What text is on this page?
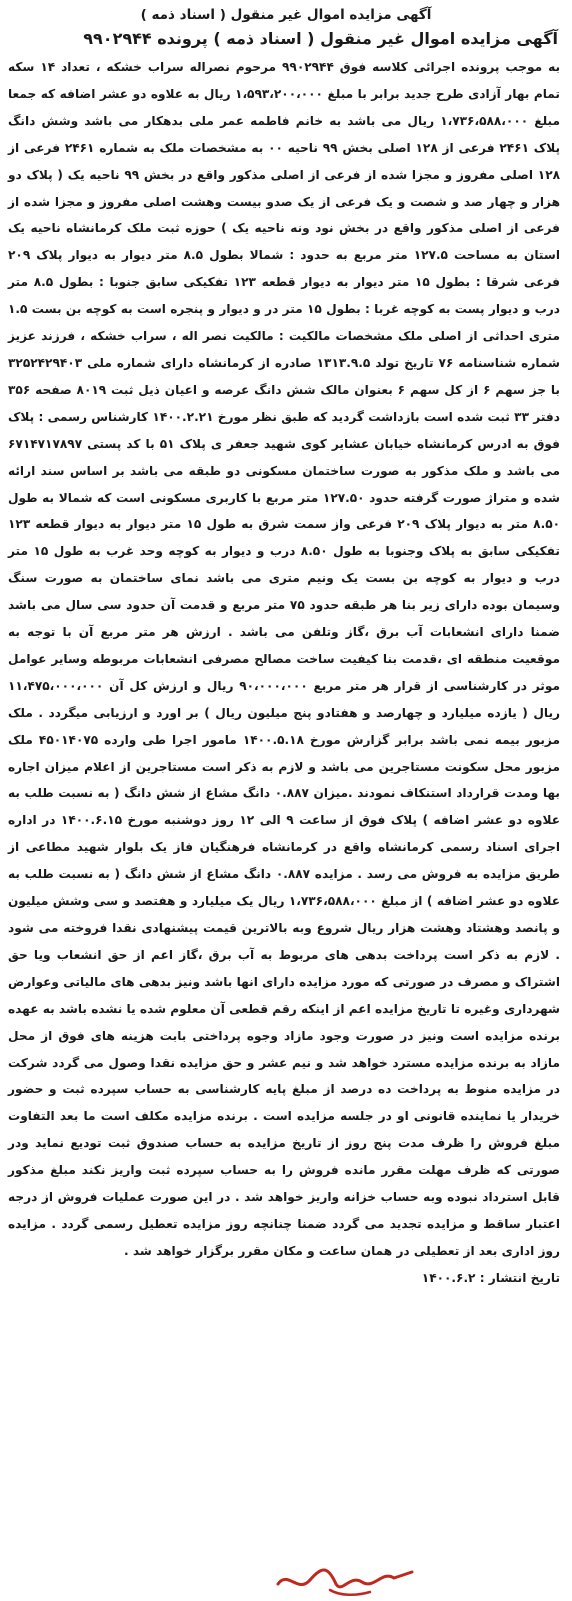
آگهی مزایده اموال غیر منقول ( اسناد ذمه )
آگهی مزایده اموال غیر منقول ( اسناد ذمه ) پرونده ۹۹۰۲۹۴۴
به موجب پرونده اجرائی کلاسه فوق ۹۹۰۲۹۴۴ مرحوم نصراله سراب خشکه ، تعداد ۱۴ سکه تمام بهار آزادی طرح جدید برابر با مبلغ ۱،۵۹۳،۲۰۰،۰۰۰ ریال به علاوه دو عشر اضافه که جمعا مبلغ ۱،۷۳۶،۵۸۸،۰۰۰ ریال می باشد به خانم فاطمه عمر ملی بدهکار می باشد وشش دانگ پلاک ۲۴۶۱ فرعی از ۱۲۸ اصلی بخش ۹۹ ناحیه ۰۰ به مشخصات ملک به شماره ۲۴۶۱ فرعی از ۱۲۸ اصلی مفروز و مجزا شده از فرعی از اصلی مذکور واقع در بخش ۹۹ ناحیه یک ( پلاک دو هزار و چهار صد و شصت و یک فرعی از یک صدو بیست وهشت اصلی مفروز و مجزا شده از فرعی از اصلی مذکور واقع در بخش نود ونه ناحیه یک ) حوزه ثبت ملک کرمانشاه ناحیه یک استان به مساحت ۱۲۷.۵ متر مربع به حدود : شمالا بطول ۸.۵ متر دیوار به دیوار پلاک ۲۰۹ فرعی شرقا : بطول ۱۵ متر دیوار به دیوار قطعه ۱۲۳ تفکیکی سابق جنوبا : بطول ۸.۵ متر درب و دیوار پست به کوچه غربا : بطول ۱۵ متر در و دیوار و پنجره است به کوچه بن بست ۱.۵ متری احداثی از اصلی ملک مشخصات مالکیت : مالکیت نصر اله ، سراب خشکه ، فرزند عزیز شماره شناسنامه ۷۶ تاریخ تولد ۱۳۱۳.۹.۵ صادره از کرمانشاه دارای شماره ملی ۳۲۵۲۴۲۹۴۰۳ با جز سهم ۶ از کل سهم ۶ بعنوان مالک شش دانگ عرصه و اعیان ذیل ثبت ۸۰۱۹ صفحه ۳۵۶ دفتر ۳۳ ثبت شده است بازداشت گردید که طبق نظر مورخ ۱۴۰۰.۲.۲۱ کارشناس رسمی : پلاک فوق به ادرس کرمانشاه خیابان عشایر کوی شهید جعفر ی پلاک ۵۱ با کد پستی ۶۷۱۴۷۱۷۸۹۷ می باشد و ملک مذکور به صورت ساختمان مسکونی دو طبقه می باشد بر اساس سند ارائه شده و متراژ صورت گرفته حدود ۱۲۷.۵۰ متر مربع با کاربری مسکونی است که شمالا به طول ۸.۵۰ متر به دیوار پلاک ۲۰۹ فرعی واز سمت شرق به طول ۱۵ متر دیوار به دیوار قطعه ۱۲۳ تفکیکی سابق به پلاک وجنوبا به طول ۸.۵۰ درب و دیوار به کوچه وحد غرب به طول ۱۵ متر درب و دیوار به کوچه بن بست یک ونیم متری می باشد نمای ساختمان به صورت سنگ وسیمان بوده دارای زیر بنا هر طبقه حدود ۷۵ متر مربع و قدمت آن حدود سی سال می باشد ضمنا دارای انشعابات آب برق ،گاز وتلفن می باشد . ارزش هر متر مربع آن با توجه به موقعیت منطقه ای ،قدمت بنا کیفیت ساخت مصالح مصرفی انشعابات مربوطه وسایر عوامل موثر در کارشناسی از قرار هر متر مربع ۹۰،۰۰۰،۰۰۰ ریال و ارزش کل آن ۱۱،۴۷۵،۰۰۰،۰۰۰ ریال ( یازده میلیارد و چهارصد و هفتادو پنج میلیون ریال ) بر اورد و ارزیابی میگردد . ملک مزبور بیمه نمی باشد برابر گزارش مورخ ۱۴۰۰.۵.۱۸ مامور اجرا طی وارده ۴۵۰۱۴۰۷۵ ملک مزبور محل سکونت مستاجرین می باشد و لازم به ذکر است مستاجرین از اعلام میزان اجاره بها ومدت قرارداد استنکاف نمودند .میزان ۰.۸۸۷ دانگ مشاع از شش دانگ ( به نسبت طلب به علاوه دو عشر اضافه ) پلاک فوق از ساعت ۹ الی ۱۲ روز دوشنبه مورخ ۱۴۰۰.۶.۱۵ در اداره اجرای اسناد رسمی کرمانشاه واقع در کرمانشاه فرهنگیان فاز یک بلوار شهید مطاعی از طریق مزایده به فروش می رسد . مزایده ۰.۸۸۷ دانگ مشاع از شش دانگ ( به نسبت طلب به علاوه دو عشر اضافه ) از مبلغ ۱،۷۳۶،۵۸۸،۰۰۰ ریال یک میلیارد و هفتصد و سی وشش میلیون و پانصد وهشتاد وهشت هزار ریال شروع وبه بالاترین قیمت پیشنهادی نقدا فروخته می شود . لازم به ذکر است پرداخت بدهی های مربوط به آب برق ،گاز اعم از حق انشعاب ویا حق اشتراک و مصرف در صورتی که مورد مزایده دارای انها باشد ونیز بدهی های مالیاتی وعوارض شهرداری وغیره تا تاریخ مزایده اعم از اینکه رقم قطعی آن معلوم شده یا نشده باشد به عهده برنده مزایده است ونیز در صورت وجود مازاد وجوه پرداختی بابت هزینه های فوق از محل مازاد به برنده مزایده مسترد خواهد شد و نیم عشر و حق مزایده نقدا وصول می گردد شرکت در مزایده منوط به پرداخت ده درصد از مبلغ پایه کارشناسی به حساب سپرده ثبت و حضور خریدار یا نماینده قانونی او در جلسه مزایده است . برنده مزایده مکلف است ما بعد التفاوت مبلغ فروش را ظرف مدت پنج روز از تاریخ مزایده به حساب صندوق ثبت تودیع نماید ودر صورتی که ظرف مهلت مقرر مانده فروش را به حساب سپرده ثبت واریز نکند مبلغ مذکور قابل استرداد نبوده وبه حساب خزانه واریز خواهد شد . در این صورت عملیات فروش از درجه اعتبار ساقط و مزایده تجدید می گردد ضمنا چنانچه روز مزایده تعطیل رسمی گردد . مزایده روز اداری بعد از تعطیلی در همان ساعت و مکان مقرر برگزار خواهد شد .
تاریخ انتشار : ۱۴۰۰.۶.۲
